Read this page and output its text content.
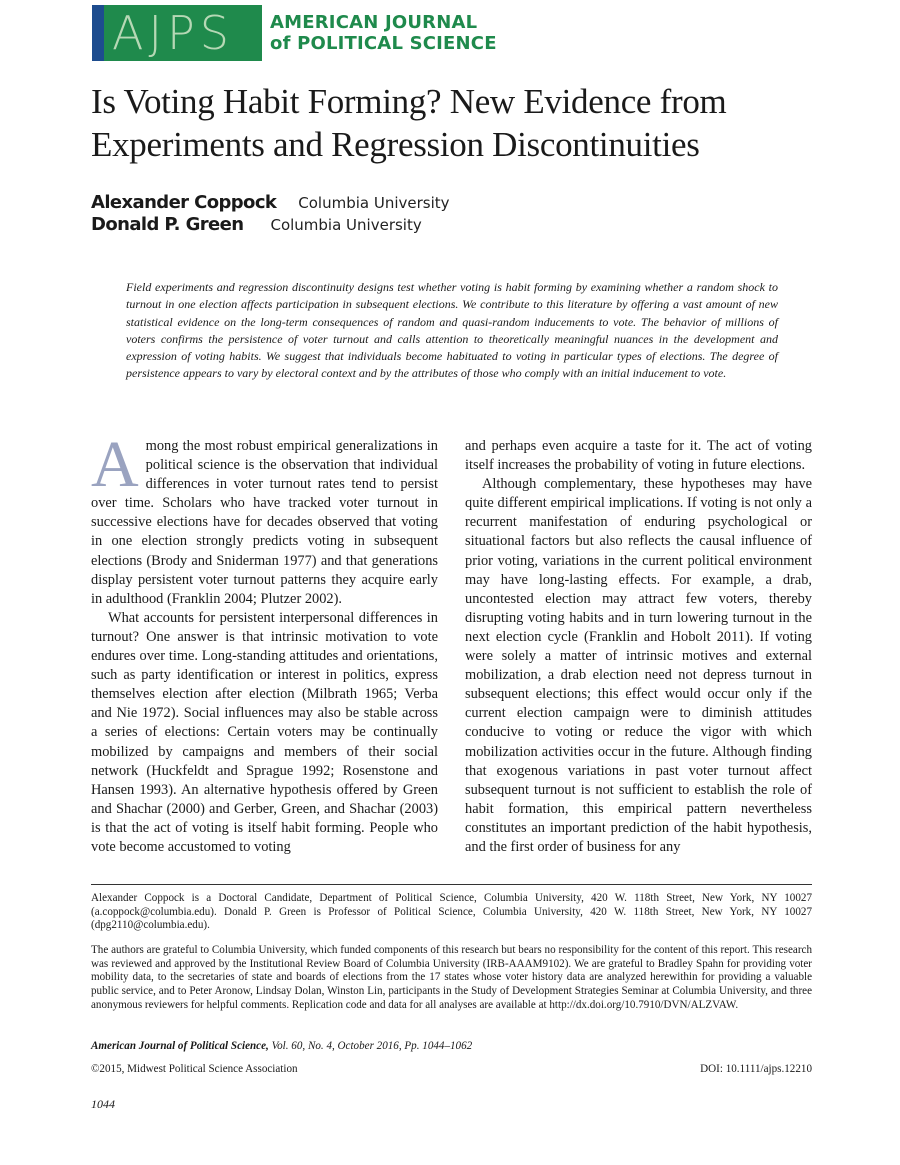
AJPS AMERICAN JOURNAL
of POLITICAL SCIENCE
Is Voting Habit Forming? New Evidence from Experiments and Regression Discontinuities
Alexander Coppock Columbia University
Donald P. Green Columbia University

Field experiments and regression discontinuity designs test whether voting is habit forming by examining whether a random shock to turnout in one election affects participation in subsequent elections. We contribute to this literature by offering a vast amount of new statistical evidence on the long-term consequences of random and quasi-random inducements to vote. The behavior of millions of voters confirms the persistence of voter turnout and calls attention to theoretically meaningful nuances in the development and expression of voting habits. We suggest that individuals become habituated to voting in particular types of elections. The degree of persistence appears to vary by electoral context and by the attributes of those who comply with an initial inducement to vote.

Among the most robust empirical generalizations in political science is the observation that individual differences in voter turnout rates tend to persist over time. Scholars who have tracked voter turnout in successive elections have for decades observed that voting in one election strongly predicts voting in subsequent elections (Brody and Sniderman 1977) and that generations display persistent voter turnout patterns they acquire early in adulthood (Franklin 2004; Plutzer 2002).

What accounts for persistent interpersonal differences in turnout? One answer is that intrinsic motivation to vote endures over time. Long-standing attitudes and orientations, such as party identification or interest in politics, express themselves election after election (Milbrath 1965; Verba and Nie 1972). Social influences may also be stable across a series of elections: Certain voters may be continually mobilized by campaigns and members of their social network (Huckfeldt and Sprague 1992; Rosenstone and Hansen 1993). An alternative hypothesis offered by Green and Shachar (2000) and Gerber, Green, and Shachar (2003) is that the act of voting is itself habit forming. People who vote become accustomed to voting

and perhaps even acquire a taste for it. The act of voting itself increases the probability of voting in future elections.

Although complementary, these hypotheses may have quite different empirical implications. If voting is not only a recurrent manifestation of enduring psychological or situational factors but also reflects the causal influence of prior voting, variations in the current political environment may have long-lasting effects. For example, a drab, uncontested election may attract few voters, thereby disrupting voting habits and in turn lowering turnout in the next election cycle (Franklin and Hobolt 2011). If voting were solely a matter of intrinsic motives and external mobilization, a drab election need not depress turnout in subsequent elections; this effect would occur only if the current election campaign were to diminish attitudes conducive to voting or reduce the vigor with which mobilization activities occur in the future. Although finding that exogenous variations in past voter turnout affect subsequent turnout is not sufficient to establish the role of habit formation, this empirical pattern nevertheless constitutes an important prediction of the habit hypothesis, and the first order of business for any

Alexander Coppock is a Doctoral Candidate, Department of Political Science, Columbia University, 420 W. 118th Street, New York, NY 10027 (a.coppock@columbia.edu). Donald P. Green is Professor of Political Science, Columbia University, 420 W. 118th Street, New York, NY 10027 (dpg2110@columbia.edu).

The authors are grateful to Columbia University, which funded components of this research but bears no responsibility for the content of this report. This research was reviewed and approved by the Institutional Review Board of Columbia University (IRB-AAAM9102). We are grateful to Bradley Spahn for providing voter mobility data, to the secretaries of state and boards of elections from the 17 states whose voter history data are analyzed herewithin for providing a valuable public service, and to Peter Aronow, Lindsay Dolan, Winston Lin, participants in the Study of Development Strategies Seminar at Columbia University, and three anonymous reviewers for helpful comments. Replication code and data for all analyses are available at http://dx.doi.org/10.7910/DVN/ALZVAW.

American Journal of Political Science, Vol. 60, No. 4, October 2016, Pp. 1044–1062

©2015, Midwest Political Science Association	DOI: 10.1111/ajps.12210

1044
